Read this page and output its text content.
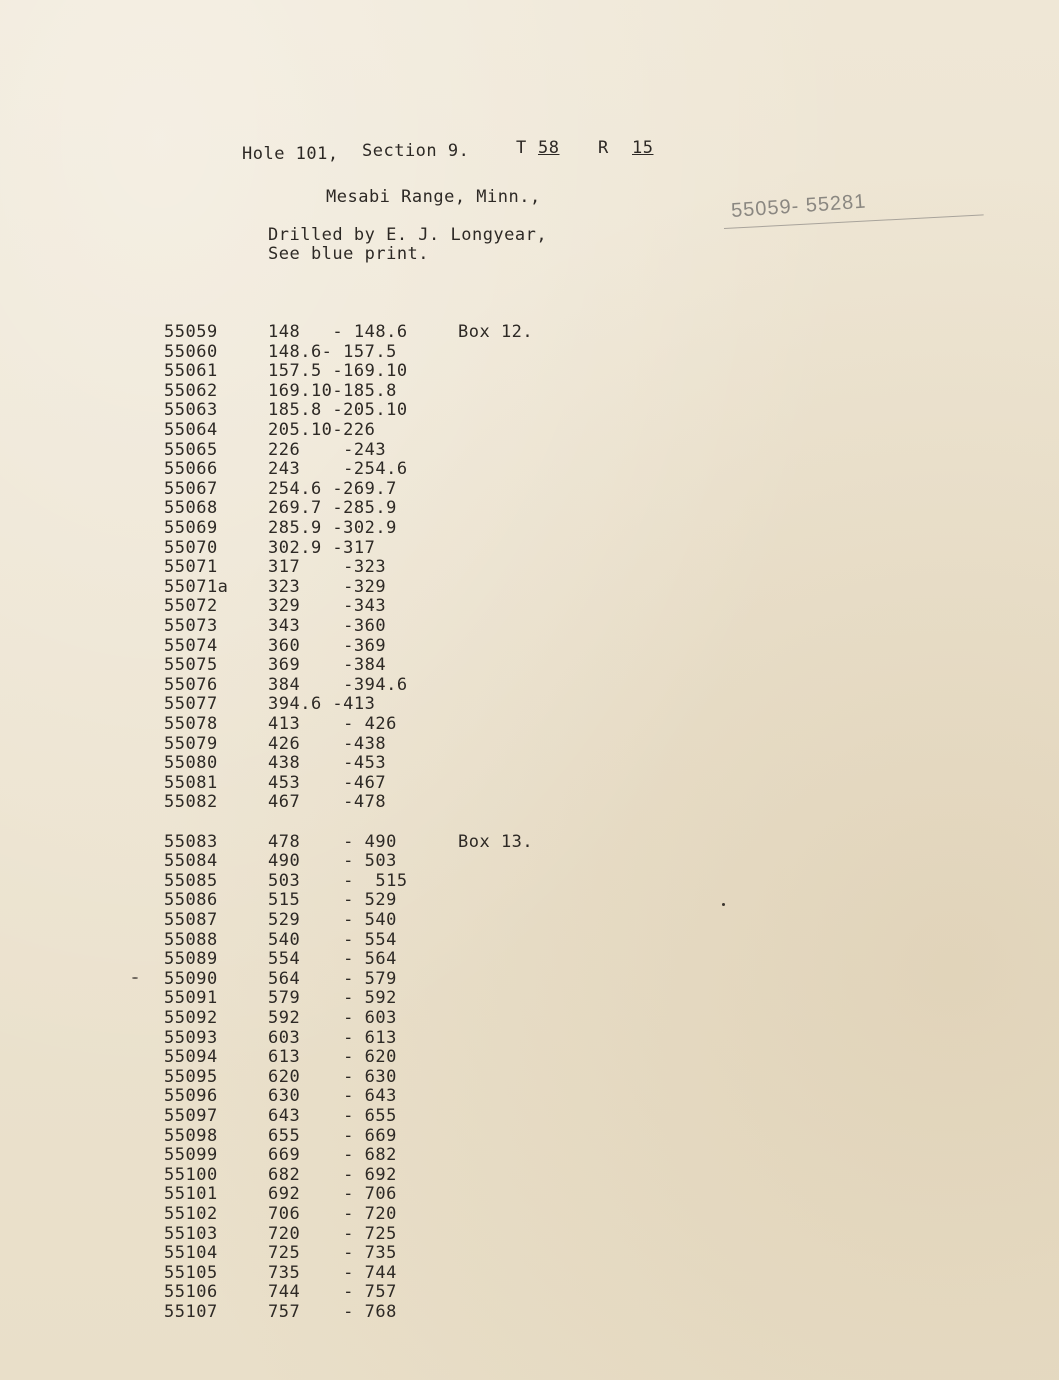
Hole 101,

Section 9.

	T

58

R

15

Mesabi Range, Minn.,
Drilled by E. J. Longyear,
See blue print.
55059- 55281
55059	148   - 148.6	Box 12.
55060	148.6- 157.5
55061	157.5 -169.10
55062	169.10-185.8
55063	185.8 -205.10
55064	205.10-226
55065	226    -243
55066	243    -254.6
55067	254.6 -269.7
55068	269.7 -285.9
55069	285.9 -302.9
55070	302.9 -317
55071	317    -323
55071a 323    -329
55072	329    -343
55073	343    -360
55074	360    -369
55075	369    -384
55076	384    -394.6
55077	394.6 -413
55078	413    - 426
55079	426    -438
55080	438    -453
55081	453    -467
55082	467    -478
55083	478    - 490	Box 13.
55084	490    - 503
55085	503    -  515
55086	515    - 529
55087	529    - 540
55088	540    - 554
55089	554    - 564
55090	564    - 579
55091	579    - 592
55092	592    - 603
55093	603    - 613
55094	613    - 620
55095	620    - 630
55096	630    - 643
55097	643    - 655
55098	655    - 669
55099	669    - 682
55100	682    - 692
55101	692    - 706
55102	706    - 720
55103	720    - 725
55104	725    - 735
55105	735    - 744
55106	744    - 757
55107	757    - 768
